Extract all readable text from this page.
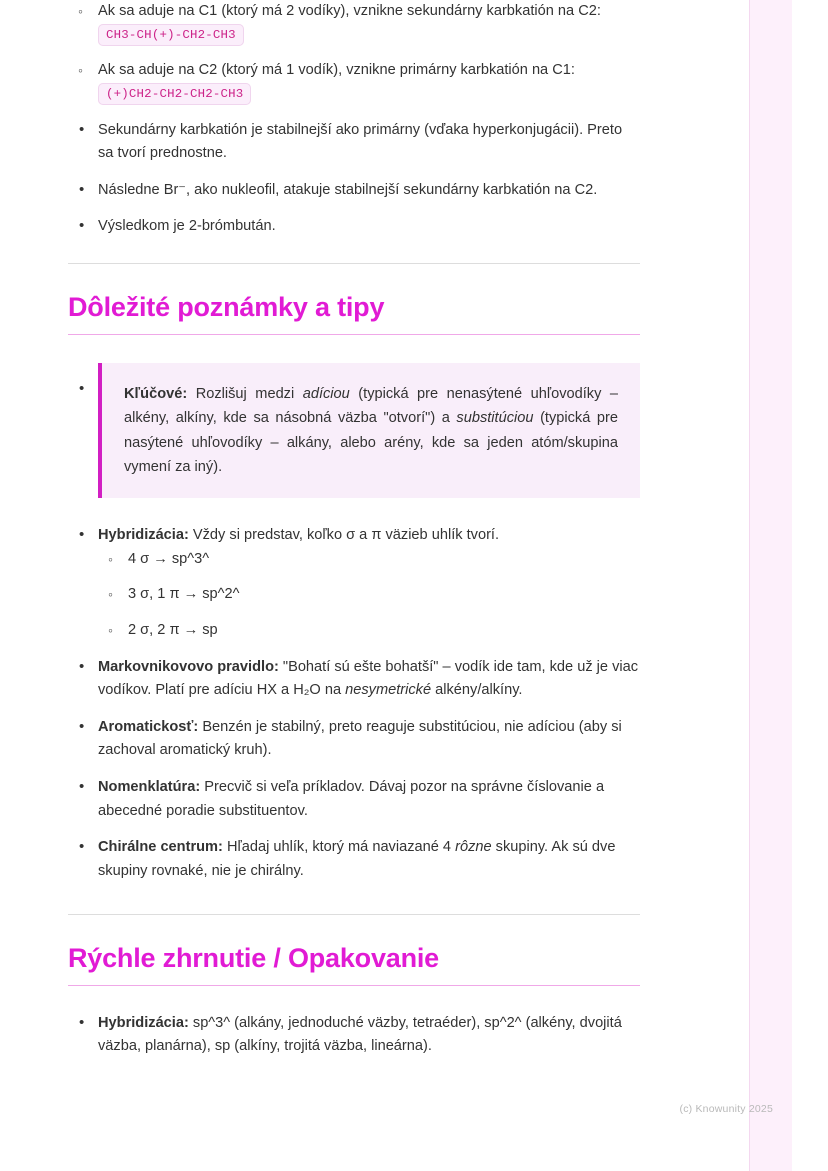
◦ Ak sa aduje na C1 (ktorý má 2 vodíky), vznikne sekundárny karbkatión na C2: CH3-CH(+)-CH2-CH3
◦ Ak sa aduje na C2 (ktorý má 1 vodík), vznikne primárny karbkatión na C1: (+)CH2-CH2-CH2-CH3
• Sekundárny karbkatión je stabilnejší ako primárny (vďaka hyperkonjugácii). Preto sa tvorí prednostne.
• Následne Br⁻, ako nukleofil, atakuje stabilnejší sekundárny karbkatión na C2.
• Výsledkom je 2-brómbután.
Dôležité poznámky a tipy
• Kľúčové: Rozlišuj medzi adíciou (typická pre nenasýtené uhľovodíky – alkény, alkíny, kde sa násobná väzba "otvorí") a substitúciou (typická pre nasýtené uhľovodíky – alkány, alebo arény, kde sa jeden atóm/skupina vymení za iný).
• Hybridizácia: Vždy si predstav, koľko σ a π väzieb uhlík tvorí.
◦ 4 σ → sp^3^
◦ 3 σ, 1 π → sp^2^
◦ 2 σ, 2 π → sp
• Markovnikovovo pravidlo: "Bohatí sú ešte bohatší" – vodík ide tam, kde už je viac vodíkov. Platí pre adíciu HX a H₂O na nesymetrické alkény/alkíny.
• Aromatickosť: Benzén je stabilný, preto reaguje substitúciou, nie adíciou (aby si zachoval aromatický kruh).
• Nomenklatúra: Precvič si veľa príkladov. Dávaj pozor na správne číslovanie a abecedné poradie substituentov.
• Chirálne centrum: Hľadaj uhlík, ktorý má naviazané 4 rôzne skupiny. Ak sú dve skupiny rovnaké, nie je chirálny.
Rýchle zhrnutie / Opakovanie
• Hybridizácia: sp^3^ (alkány, jednoduché väzby, tetraéder), sp^2^ (alkény, dvojitá väzba, planárna), sp (alkíny, trojitá väzba, lineárna).
(c) Knowunity 2025
